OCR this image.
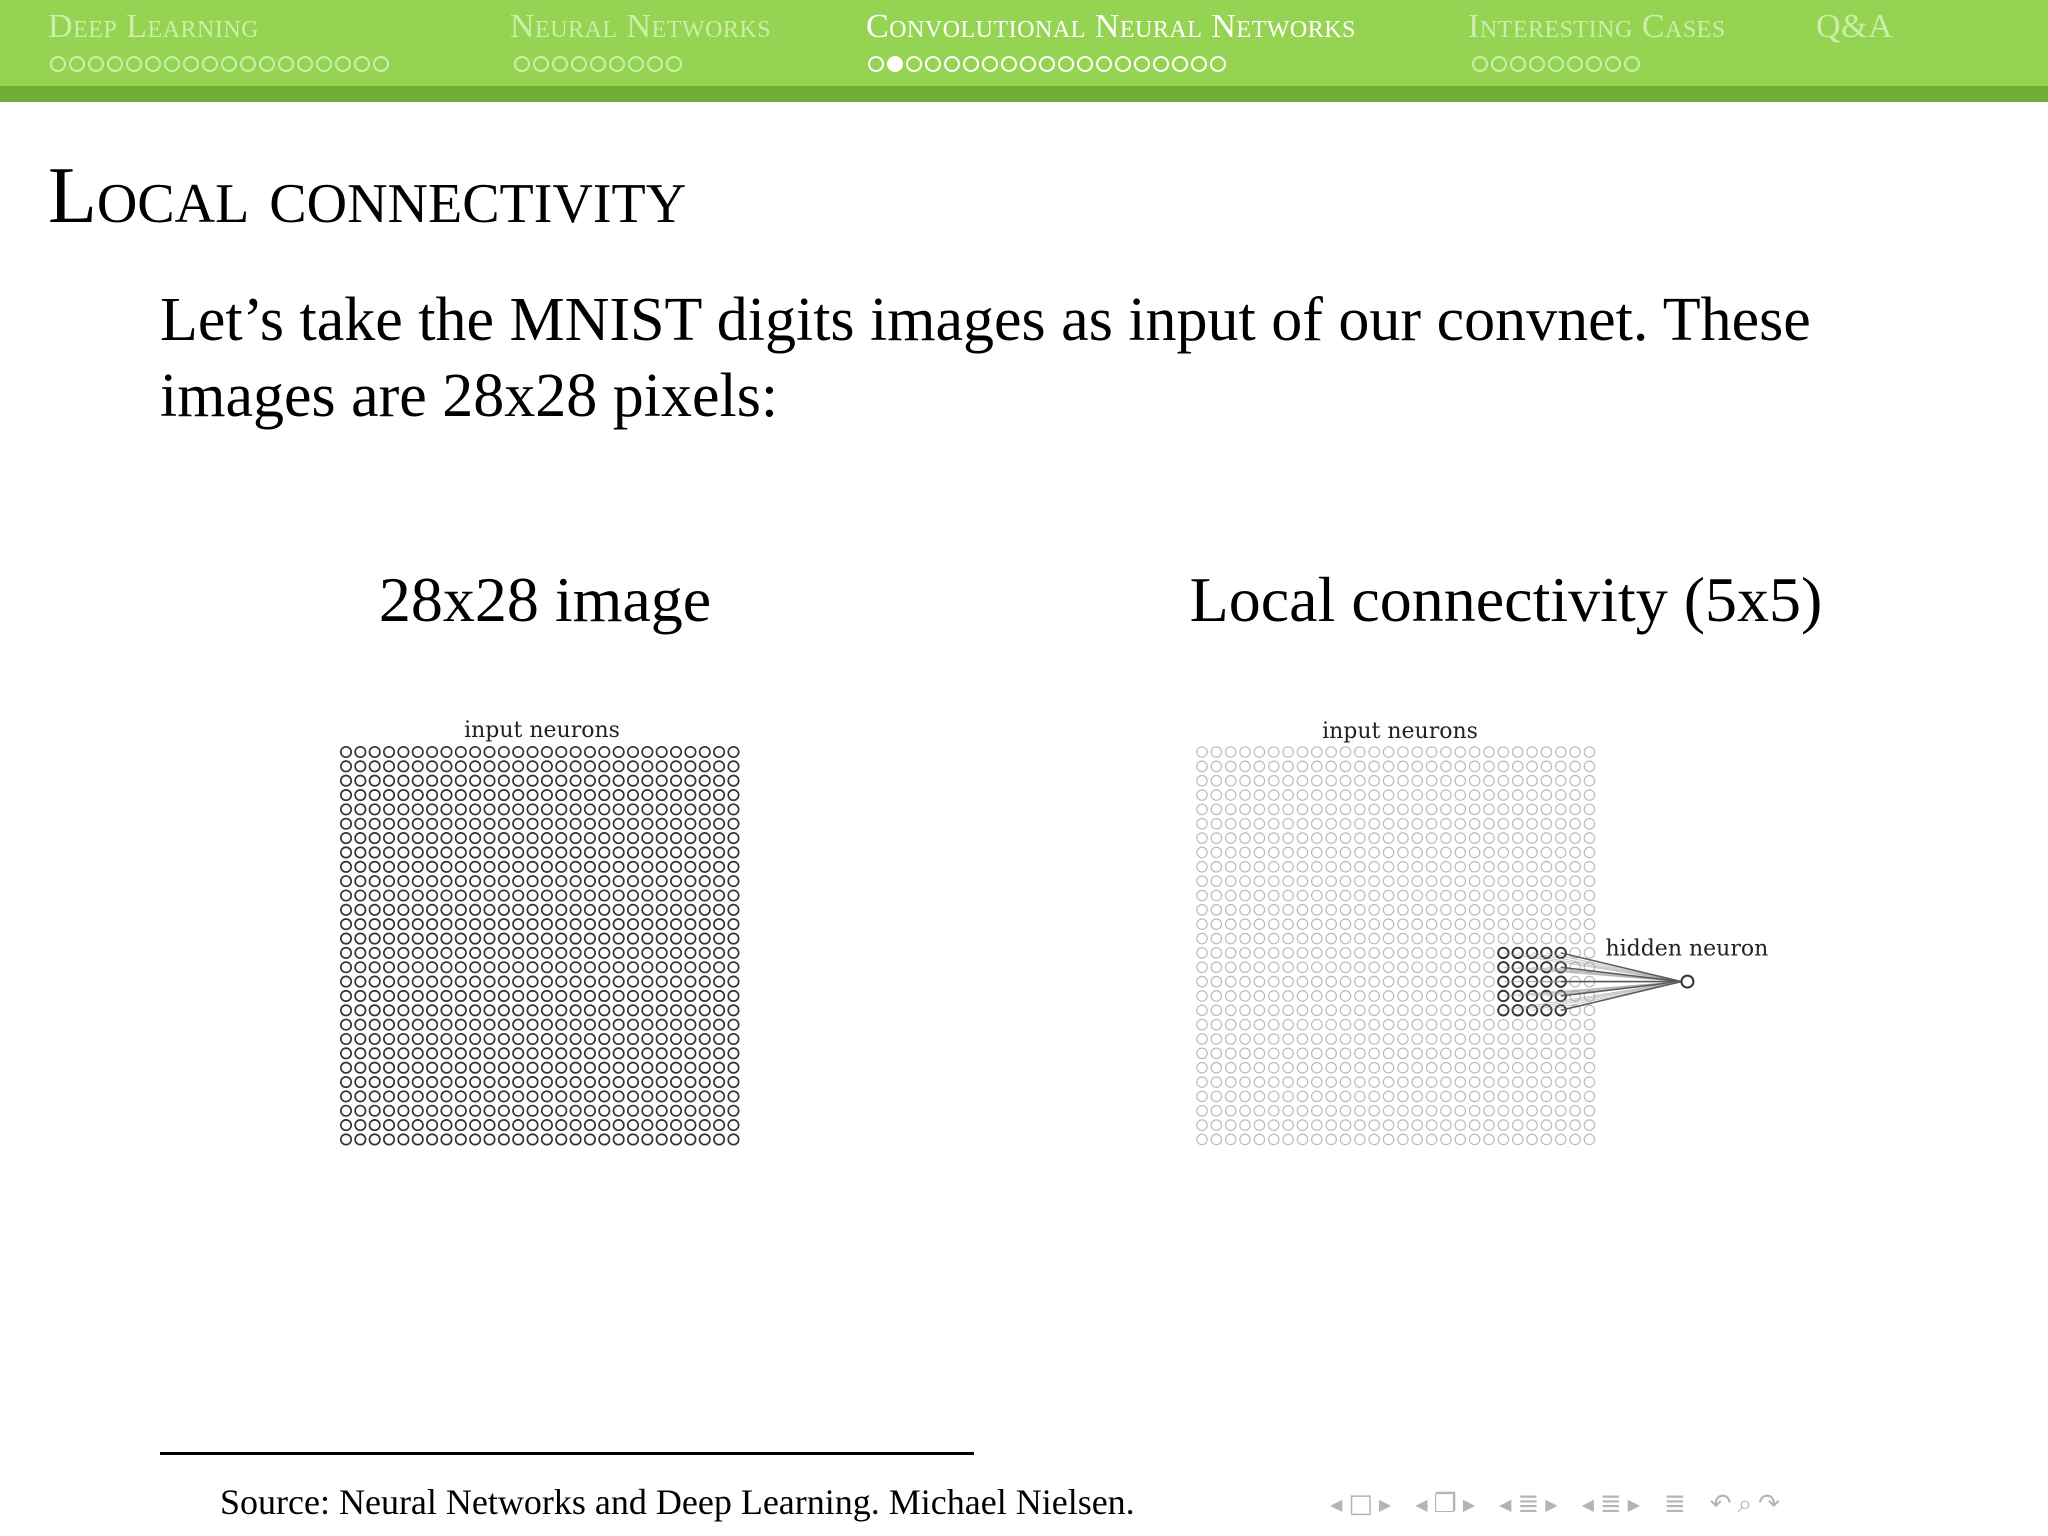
Deep Learning	Neural Networks	Convolutional Neural Networks	Interesting Cases	Q&A
Local connectivity
Let’s take the MNIST digits images as input of our convnet. These images are 28x28 pixels:
28x28 image	Local connectivity (5x5)
input neurons	input neurons
hidden neuron
Source: Neural Networks and Deep Learning. Michael Nielsen.	◀ □ ▶ ◀ ❐ ▶ ◀ ≣ ▶ ◀ ≣ ▶ ≣ ↶ ⌕ ↷
